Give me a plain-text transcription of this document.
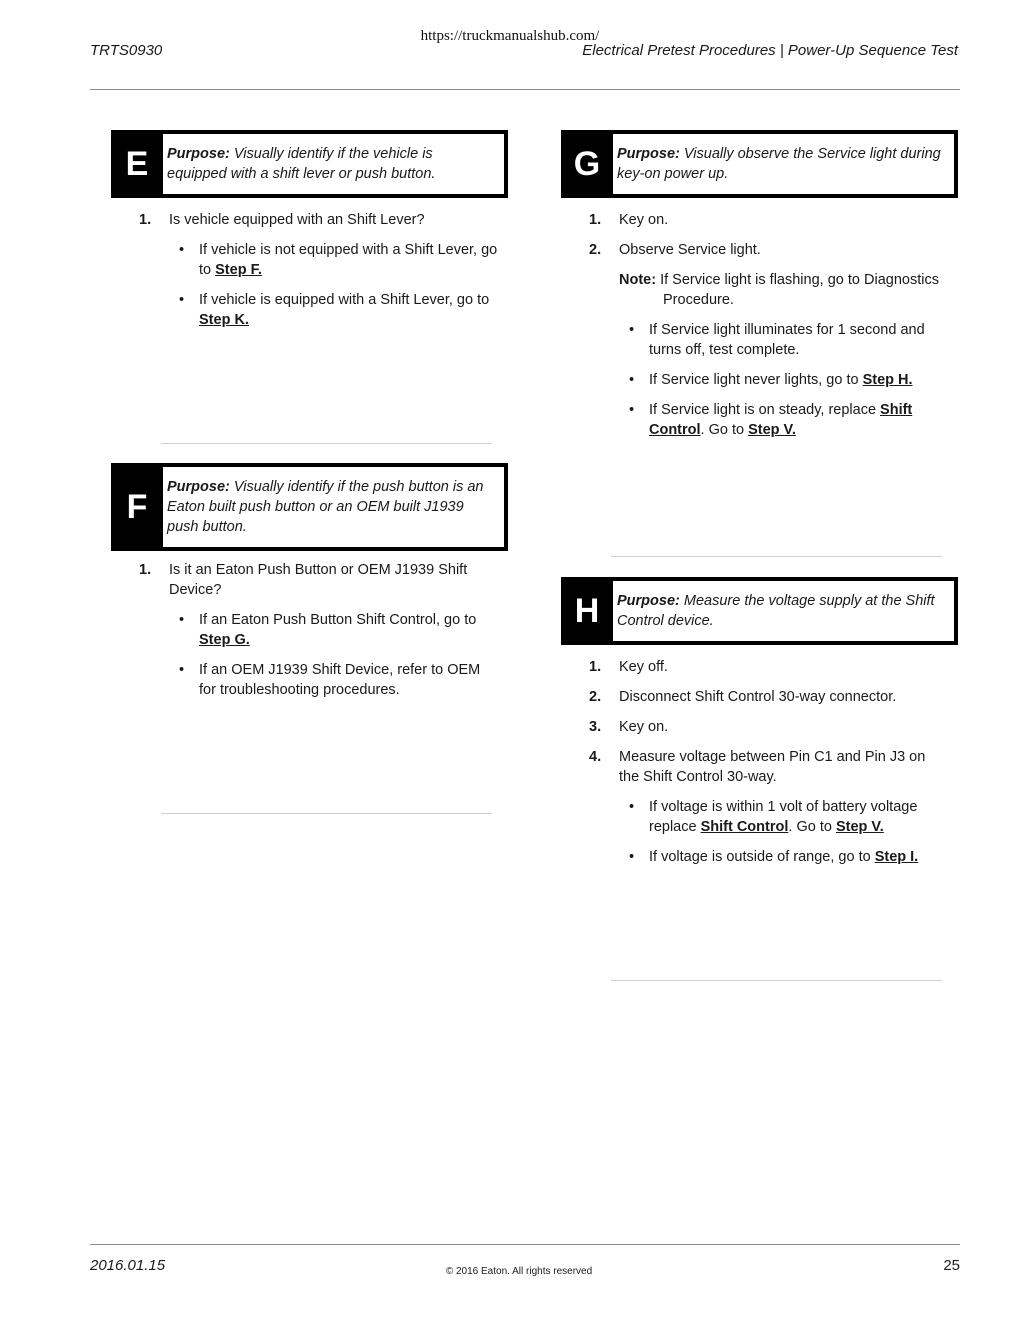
https://truckmanualshub.com/
TRTS0930	Electrical Pretest Procedures | Power-Up Sequence Test
E	Purpose: Visually identify if the vehicle is equipped with a shift lever or push button.
1. Is vehicle equipped with an Shift Lever?
• If vehicle is not equipped with a Shift Lever, go to Step F.
• If vehicle is equipped with a Shift Lever, go to Step K.
F
Purpose: Visually identify if the push button is an Eaton built push button or an OEM built J1939 push button.
1. Is it an Eaton Push Button or OEM J1939 Shift Device?
• If an Eaton Push Button Shift Control, go to Step G.
• If an OEM J1939 Shift Device, refer to OEM for troubleshooting procedures.
G	Purpose: Visually observe the Service light during key-on power up.
1. Key on.
2. Observe Service light.
Note: If Service light is flashing, go to Diagnostics Procedure.
• If Service light illuminates for 1 second and turns off, test complete.
• If Service light never lights, go to Step H.
• If Service light is on steady, replace Shift Control. Go to Step V.
H	Purpose: Measure the voltage supply at the Shift Control device.
1. Key off.
2. Disconnect Shift Control 30-way connector.
3. Key on.
4. Measure voltage between Pin C1 and Pin J3 on the Shift Control 30-way.
• If voltage is within 1 volt of battery voltage replace Shift Control. Go to Step V.
• If voltage is outside of range, go to Step I.
2016.01.15	© 2016 Eaton. All rights reserved	25
